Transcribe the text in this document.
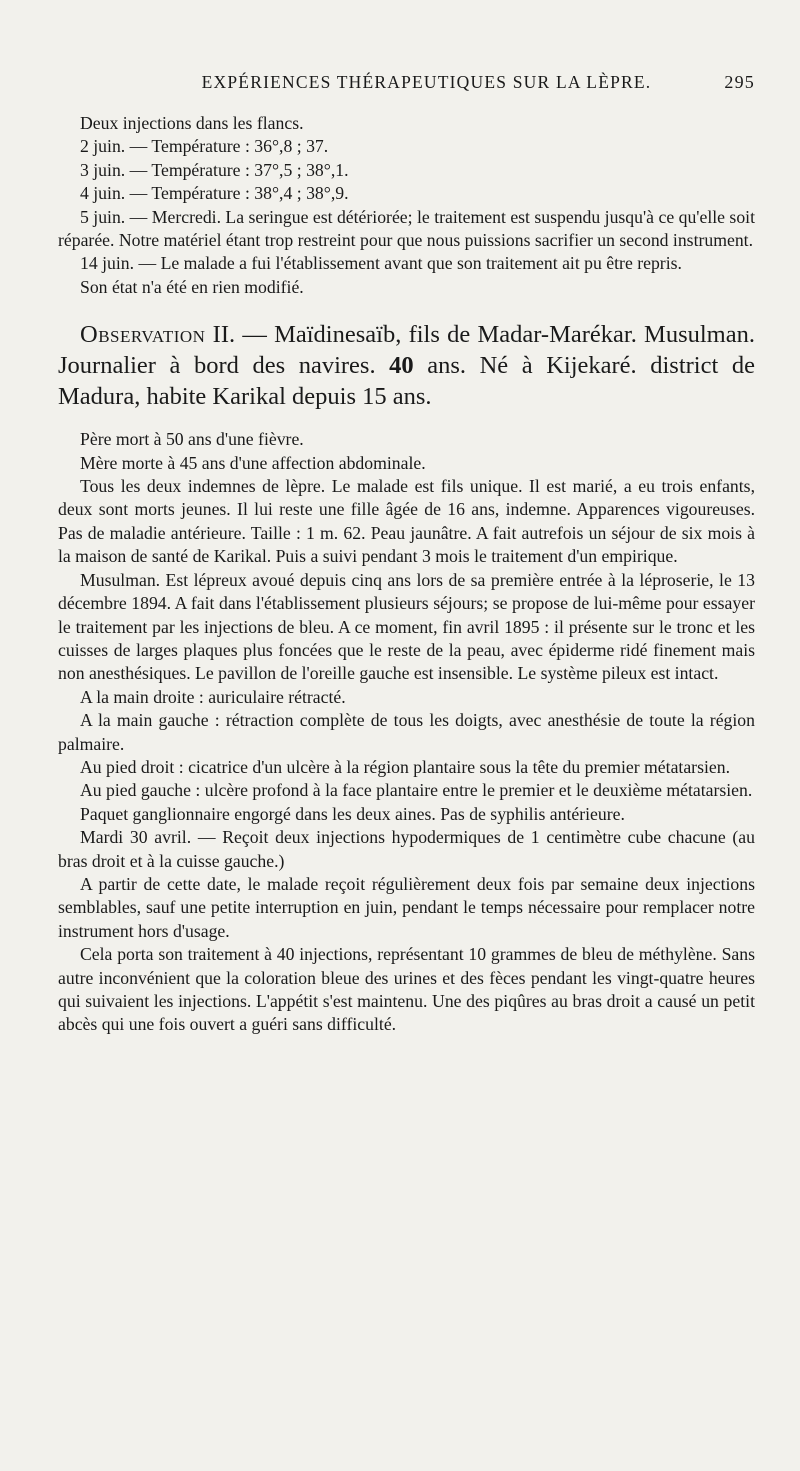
EXPÉRIENCES THÉRAPEUTIQUES SUR LA LÈPRE.	295

Deux injections dans les flancs.

2 juin. — Température : 36°,8 ; 37.

3 juin. — Température : 37°,5 ; 38°,1.

4 juin. — Température : 38°,4 ; 38°,9.

5 juin. — Mercredi. La seringue est détériorée; le traitement est suspendu jusqu'à ce qu'elle soit réparée. Notre matériel étant trop restreint pour que nous puissions sacrifier un second instrument.

14 juin. — Le malade a fui l'établissement avant que son traitement ait pu être repris.

Son état n'a été en rien modifié.

Observation II. — Maïdinesaïb, fils de Madar-Marékar. Musulman. Journalier à bord des navires. 40 ans. Né à Kijekaré. district de Madura, habite Karikal depuis 15 ans.

Père mort à 50 ans d'une fièvre.

Mère morte à 45 ans d'une affection abdominale.

Tous les deux indemnes de lèpre. Le malade est fils unique. Il est marié, a eu trois enfants, deux sont morts jeunes. Il lui reste une fille âgée de 16 ans, indemne. Apparences vigoureuses. Pas de maladie antérieure. Taille : 1 m. 62. Peau jaunâtre. A fait autrefois un séjour de six mois à la maison de santé de Karikal. Puis a suivi pendant 3 mois le traitement d'un empirique.

Musulman. Est lépreux avoué depuis cinq ans lors de sa première entrée à la léproserie, le 13 décembre 1894. A fait dans l'établissement plusieurs séjours; se propose de lui-même pour essayer le traitement par les injections de bleu. A ce moment, fin avril 1895 : il présente sur le tronc et les cuisses de larges plaques plus foncées que le reste de la peau, avec épiderme ridé finement mais non anesthésiques. Le pavillon de l'oreille gauche est insensible. Le système pileux est intact.

A la main droite : auriculaire rétracté.

A la main gauche : rétraction complète de tous les doigts, avec anesthésie de toute la région palmaire.

Au pied droit : cicatrice d'un ulcère à la région plantaire sous la tête du premier métatarsien.

Au pied gauche : ulcère profond à la face plantaire entre le premier et le deuxième métatarsien.

Paquet ganglionnaire engorgé dans les deux aines. Pas de syphilis antérieure.

Mardi 30 avril. — Reçoit deux injections hypodermiques de 1 centimètre cube chacune (au bras droit et à la cuisse gauche.)

A partir de cette date, le malade reçoit régulièrement deux fois par semaine deux injections semblables, sauf une petite interruption en juin, pendant le temps nécessaire pour remplacer notre instrument hors d'usage.

Cela porta son traitement à 40 injections, représentant 10 grammes de bleu de méthylène. Sans autre inconvénient que la coloration bleue des urines et des fèces pendant les vingt-quatre heures qui suivaient les injections. L'appétit s'est maintenu. Une des piqûres au bras droit a causé un petit abcès qui une fois ouvert a guéri sans difficulté.
